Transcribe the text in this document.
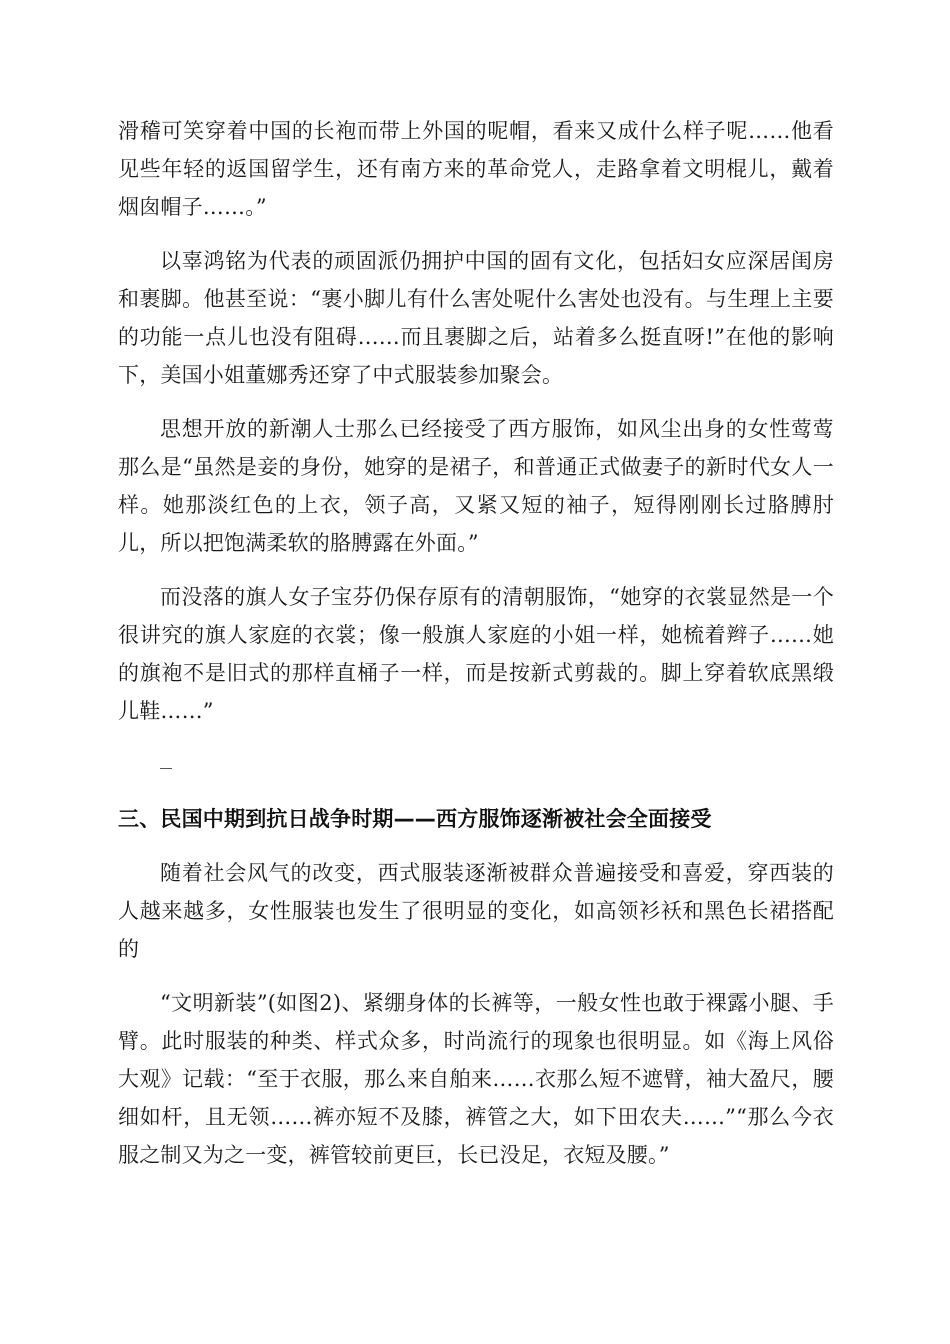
滑稽可笑穿着中国的长袍而带上外国的呢帽，看来又成什么样子呢……他看见些年轻的返国留学生，还有南方来的革命党人，走路拿着文明棍儿，戴着烟囱帽子……。”

以辜鸿铭为代表的顽固派仍拥护中国的固有文化，包括妇女应深居闺房和裹脚。他甚至说：“裹小脚儿有什么害处呢什么害处也没有。与生理上主要的功能一点儿也没有阻碍……而且裹脚之后，站着多么挺直呀!”在他的影响下，美国小姐董娜秀还穿了中式服装参加聚会。

思想开放的新潮人士那么已经接受了西方服饰，如风尘出身的女性莺莺那么是“虽然是妾的身份，她穿的是裙子，和普通正式做妻子的新时代女人一样。她那淡红色的上衣，领子高，又紧又短的袖子，短得刚刚长过胳膊肘儿，所以把饱满柔软的胳膊露在外面。”

而没落的旗人女子宝芬仍保存原有的清朝服饰，“她穿的衣裳显然是一个很讲究的旗人家庭的衣裳；像一般旗人家庭的小姐一样，她梳着辫子……她的旗袍不是旧式的那样直桶子一样，而是按新式剪裁的。脚上穿着软底黑缎儿鞋……”

三、民国中期到抗日战争时期——西方服饰逐渐被社会全面接受

随着社会风气的改变，西式服装逐渐被群众普遍接受和喜爱，穿西装的人越来越多，女性服装也发生了很明显的变化，如高领衫袄和黑色长裙搭配的

“文明新装”(如图2)、紧绷身体的长裤等，一般女性也敢于裸露小腿、手臂。此时服装的种类、样式众多，时尚流行的现象也很明显。如《海上风俗大观》记载：“至于衣服，那么来自舶来……衣那么短不遮臂，袖大盈尺，腰细如杆，且无领……裤亦短不及膝，裤管之大，如下田农夫……”“那么今衣服之制又为之一变，裤管较前更巨，长已没足，衣短及腰。”
